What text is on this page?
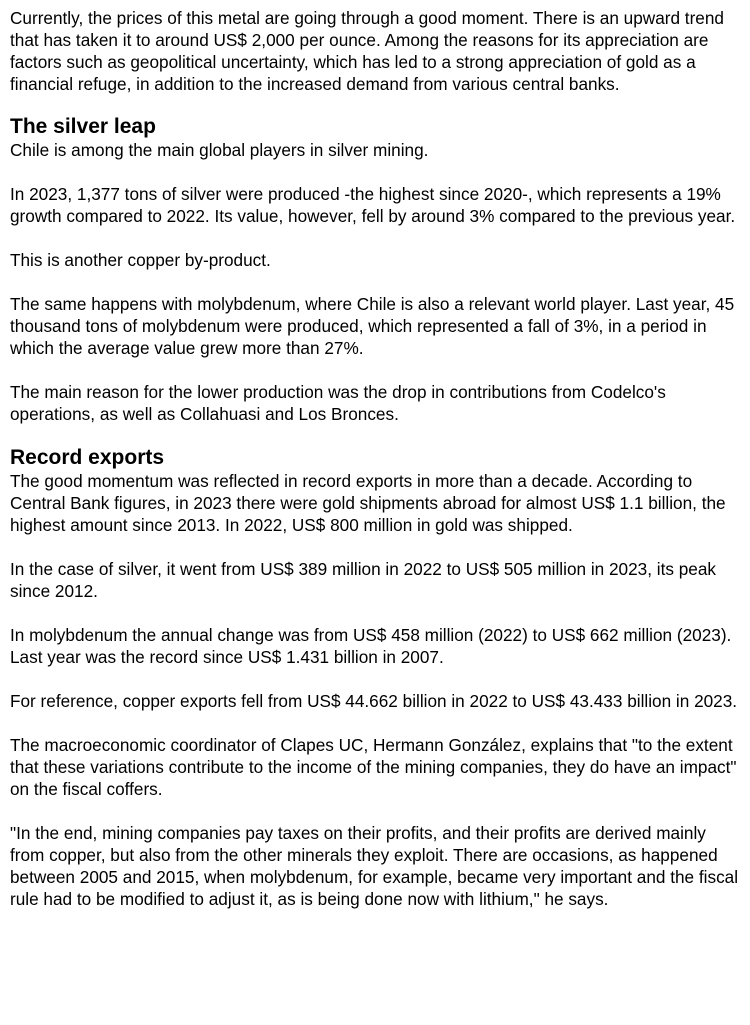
Currently, the prices of this metal are going through a good moment. There is an upward trend that has taken it to around US$ 2,000 per ounce. Among the reasons for its appreciation are factors such as geopolitical uncertainty, which has led to a strong appreciation of gold as a financial refuge, in addition to the increased demand from various central banks.

The silver leap

Chile is among the main global players in silver mining.

In 2023, 1,377 tons of silver were produced -the highest since 2020-, which represents a 19% growth compared to 2022. Its value, however, fell by around 3% compared to the previous year.

This is another copper by-product.

The same happens with molybdenum, where Chile is also a relevant world player. Last year, 45 thousand tons of molybdenum were produced, which represented a fall of 3%, in a period in which the average value grew more than 27%.

The main reason for the lower production was the drop in contributions from Codelco's operations, as well as Collahuasi and Los Bronces.

Record exports

The good momentum was reflected in record exports in more than a decade. According to Central Bank figures, in 2023 there were gold shipments abroad for almost US$ 1.1 billion, the highest amount since 2013. In 2022, US$ 800 million in gold was shipped.

In the case of silver, it went from US$ 389 million in 2022 to US$ 505 million in 2023, its peak since 2012.

In molybdenum the annual change was from US$ 458 million (2022) to US$ 662 million (2023). Last year was the record since US$ 1.431 billion in 2007.

For reference, copper exports fell from US$ 44.662 billion in 2022 to US$ 43.433 billion in 2023.

The macroeconomic coordinator of Clapes UC, Hermann González, explains that "to the extent that these variations contribute to the income of the mining companies, they do have an impact" on the fiscal coffers.

"In the end, mining companies pay taxes on their profits, and their profits are derived mainly from copper, but also from the other minerals they exploit. There are occasions, as happened between 2005 and 2015, when molybdenum, for example, became very important and the fiscal rule had to be modified to adjust it, as is being done now with lithium," he says.
